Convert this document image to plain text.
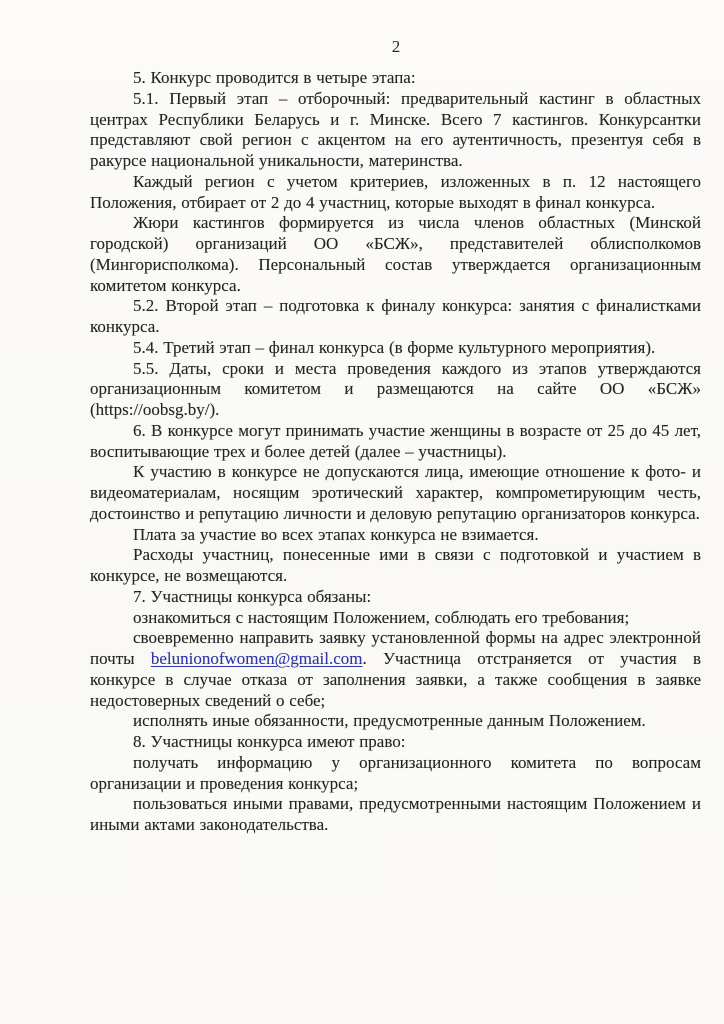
2

5. Конкурс проводится в четыре этапа:

5.1. Первый этап – отборочный: предварительный кастинг в областных центрах Республики Беларусь и г. Минске. Всего 7 кастингов. Конкурсантки представляют свой регион с акцентом на его аутентичность, презентуя себя в ракурсе национальной уникальности, материнства.

Каждый регион с учетом критериев, изложенных в п. 12 настоящего Положения, отбирает от 2 до 4 участниц, которые выходят в финал конкурса.

Жюри кастингов формируется из числа членов областных (Минской городской) организаций ОО «БСЖ», представителей облисполкомов (Мингорисполкома). Персональный состав утверждается организационным комитетом конкурса.

5.2. Второй этап – подготовка к финалу конкурса: занятия с финалистками конкурса.

5.4. Третий этап – финал конкурса (в форме культурного мероприятия).

5.5. Даты, сроки и места проведения каждого из этапов утверждаются организационным комитетом и размещаются на сайте ОО «БСЖ» (https://oobsg.by/).

6. В конкурсе могут принимать участие женщины в возрасте от 25 до 45 лет, воспитывающие трех и более детей (далее – участницы).

К участию в конкурсе не допускаются лица, имеющие отношение к фото- и видеоматериалам, носящим эротический характер, компрометирующим честь, достоинство и репутацию личности и деловую репутацию организаторов конкурса.

Плата за участие во всех этапах конкурса не взимается.

Расходы участниц, понесенные ими в связи с подготовкой и участием в конкурсе, не возмещаются.

7. Участницы конкурса обязаны:

ознакомиться с настоящим Положением, соблюдать его требования;

своевременно направить заявку установленной формы на адрес электронной почты belunionofwomen@gmail.com. Участница отстраняется от участия в конкурсе в случае отказа от заполнения заявки, а также сообщения в заявке недостоверных сведений о себе;

исполнять иные обязанности, предусмотренные данным Положением.

8. Участницы конкурса имеют право:

получать информацию у организационного комитета по вопросам организации и проведения конкурса;

пользоваться иными правами, предусмотренными настоящим Положением и иными актами законодательства.
